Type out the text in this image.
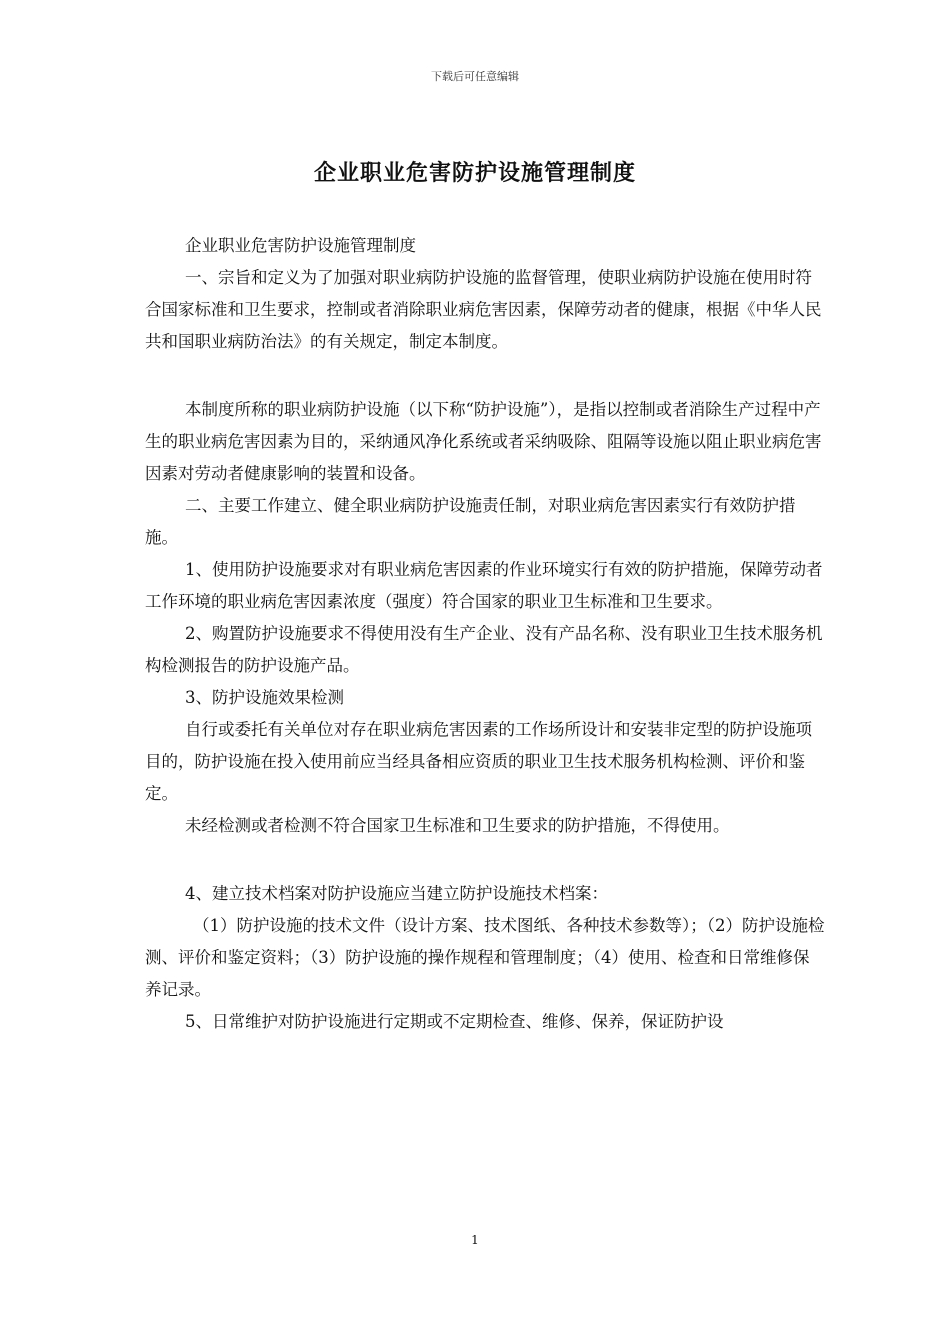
下载后可任意编辑
企业职业危害防护设施管理制度

企业职业危害防护设施管理制度

一、宗旨和定义为了加强对职业病防护设施的监督管理，使职业病防护设施在使用时符合国家标准和卫生要求，控制或者消除职业病危害因素，保障劳动者的健康，根据《中华人民共和国职业病防治法》的有关规定，制定本制度。

本制度所称的职业病防护设施（以下称“防护设施”），是指以控制或者消除生产过程中产生的职业病危害因素为目的，采纳通风净化系统或者采纳吸除、阻隔等设施以阻止职业病危害因素对劳动者健康影响的装置和设备。

二、主要工作建立、健全职业病防护设施责任制，对职业病危害因素实行有效防护措施。

1、使用防护设施要求对有职业病危害因素的作业环境实行有效的防护措施，保障劳动者工作环境的职业病危害因素浓度（强度）符合国家的职业卫生标准和卫生要求。

2、购置防护设施要求不得使用没有生产企业、没有产品名称、没有职业卫生技术服务机构检测报告的防护设施产品。

3、防护设施效果检测

自行或委托有关单位对存在职业病危害因素的工作场所设计和安装非定型的防护设施项目的，防护设施在投入使用前应当经具备相应资质的职业卫生技术服务机构检测、评价和鉴定。

未经检测或者检测不符合国家卫生标准和卫生要求的防护措施，不得使用。

4、建立技术档案对防护设施应当建立防护设施技术档案：

（1）防护设施的技术文件（设计方案、技术图纸、各种技术参数等）；（2）防护设施检测、评价和鉴定资料；（3）防护设施的操作规程和管理制度；（4）使用、检查和日常维修保养记录。

5、日常维护对防护设施进行定期或不定期检查、维修、保养，保证防护设

1
